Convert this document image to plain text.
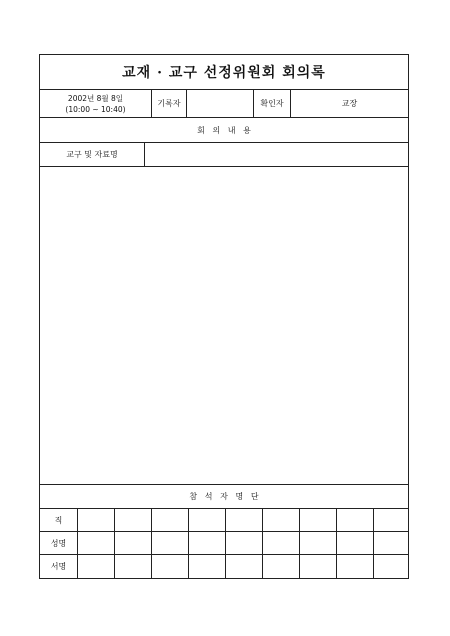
교재 · 교구 선정위원회 회의록
2002년 8월 8일
(10:00 ~ 10:40)
기록자	확인자	교장
회   의   내   용
교구 및 자료명
참   석   자   명   단
직
성명
서명
